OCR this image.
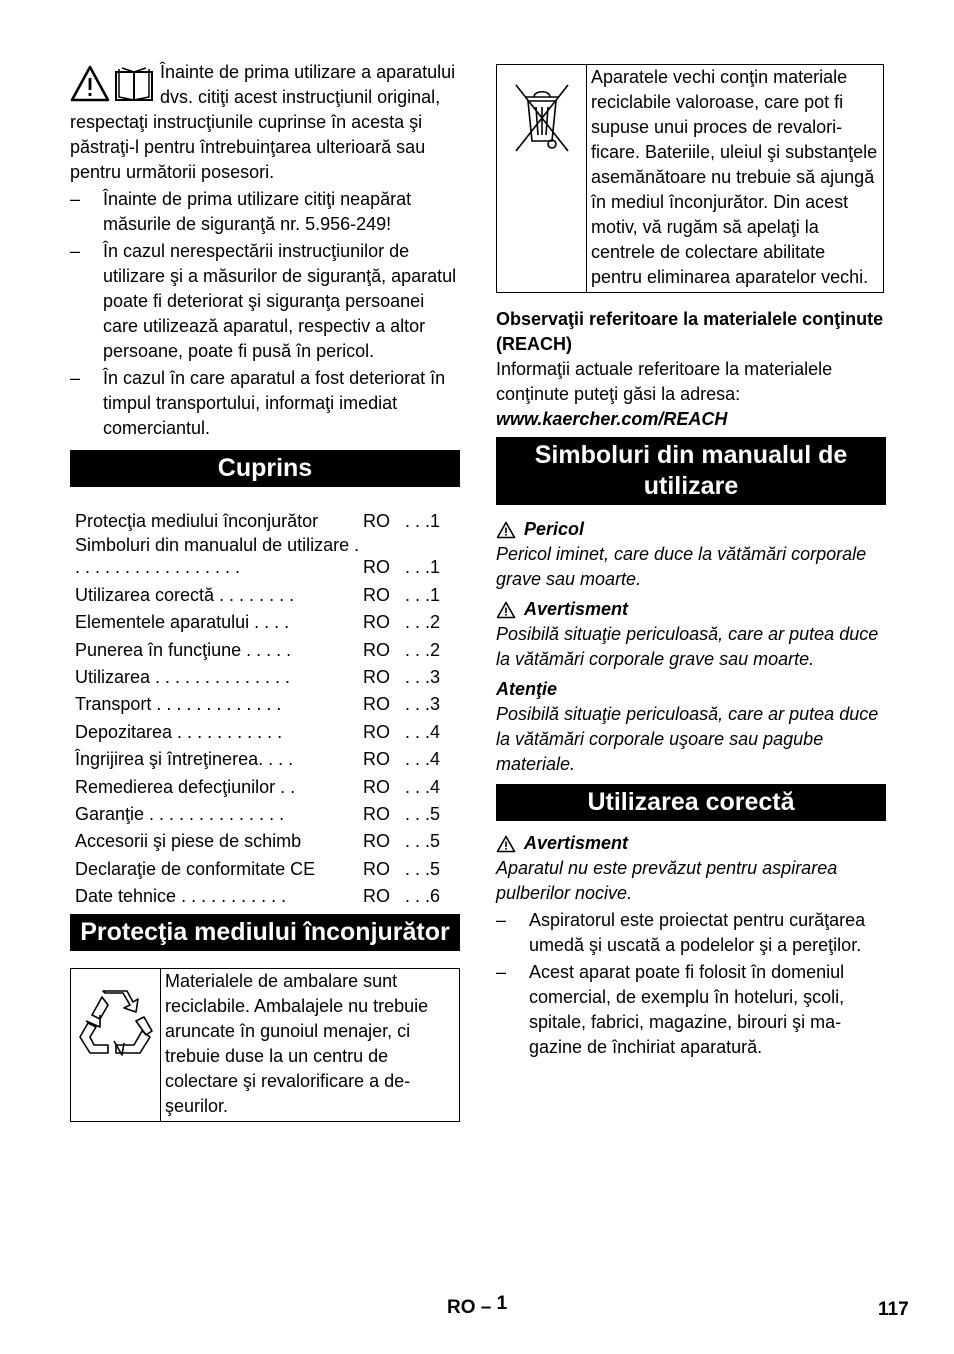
Înainte de prima utilizare a aparatului dvs. citiţi acest instrucţiunil original, respectaţi instrucţiunile cuprinse în acesta şi păstraţi-l pentru întrebuinţarea ulterioară sau pentru următorii posesori.

– Înainte de prima utilizare citiţi neapărat măsurile de siguranţă nr. 5.956-249!
– În cazul nerespectării instrucţiunilor de utilizare şi a măsurilor de siguranţă, aparatul poate fi deteriorat şi siguranţa persoanei care utilizează aparatul, respectiv a altor persoane, poate fi pusă în pericol.
– În cazul în care aparatul a fost deteriorat în timpul transportului, informaţi imediat comerciantul.
Cuprins
Protecţia mediului înconjurător	RO	. . .1
Simboluri din manualul de utilizare . . . . . . . . . . . . . . . . . .	RO	. . .1
Utilizarea corectă . . . . . . . .	RO	. . .1
Elementele aparatului . . . .	RO	. . .2
Punerea în funcţiune . . . . .	RO	. . .2
Utilizarea . . . . . . . . . . . . . .	RO	. . .3
Transport . . . . . . . . . . . . .	RO	. . .3
Depozitarea . . . . . . . . . . .	RO	. . .4
Îngrijirea şi întreţinerea. . . .	RO	. . .4
Remedierea defecţiunilor . .	RO	. . .4
Garanţie . . . . . . . . . . . . . .	RO	. . .5
Accesorii şi piese de schimb	RO	. . .5
Declaraţie de conformitate CE	RO	. . .5
Date tehnice . . . . . . . . . . .	RO	. . .6
Protecţia mediului înconjurător
Materialele de ambalare sunt reciclabile. Ambalajele nu trebuie aruncate în gunoiul menajer, ci trebuie duse la un centru de colectare şi revalorificare a deşeurilor.
Aparatele vechi conţin materiale reciclabile valoroase, care pot fi supuse unui proces de revalorificare. Bateriile, uleiul şi substanţele asemănătoare nu trebuie să ajungă în mediul înconjurător. Din acest motiv, vă rugăm să apelaţi la centrele de colectare abilitate pentru eliminarea aparatelor vechi.

Observaţii referitoare la materialele conţinute (REACH)

Informaţii actuale referitoare la materialele conţinute puteţi găsi la adresa:

www.kaercher.com/REACH

Simboluri din manualul de utilizare
Pericol

Pericol iminet, care duce la vătămări corporale grave sau moarte.

Avertisment

Posibilă situaţie periculoasă, care ar putea duce la vătămări corporale grave sau moarte.

Atenţie

Posibilă situaţie periculoasă, care ar putea duce la vătămări corporale uşoare sau pagube materiale.

Utilizarea corectă
Avertisment

Aparatul nu este prevăzut pentru aspirarea pulberilor nocive.

– Aspiratorul este proiectat pentru curăţarea umedă şi uscată a podelelor şi a pereţilor.
– Acest aparat poate fi folosit în domeniul comercial, de exemplu în hoteluri, şcoli, spitale, fabrici, magazine, birouri şi magazine de închiriat aparatură.
RO – 1	117
